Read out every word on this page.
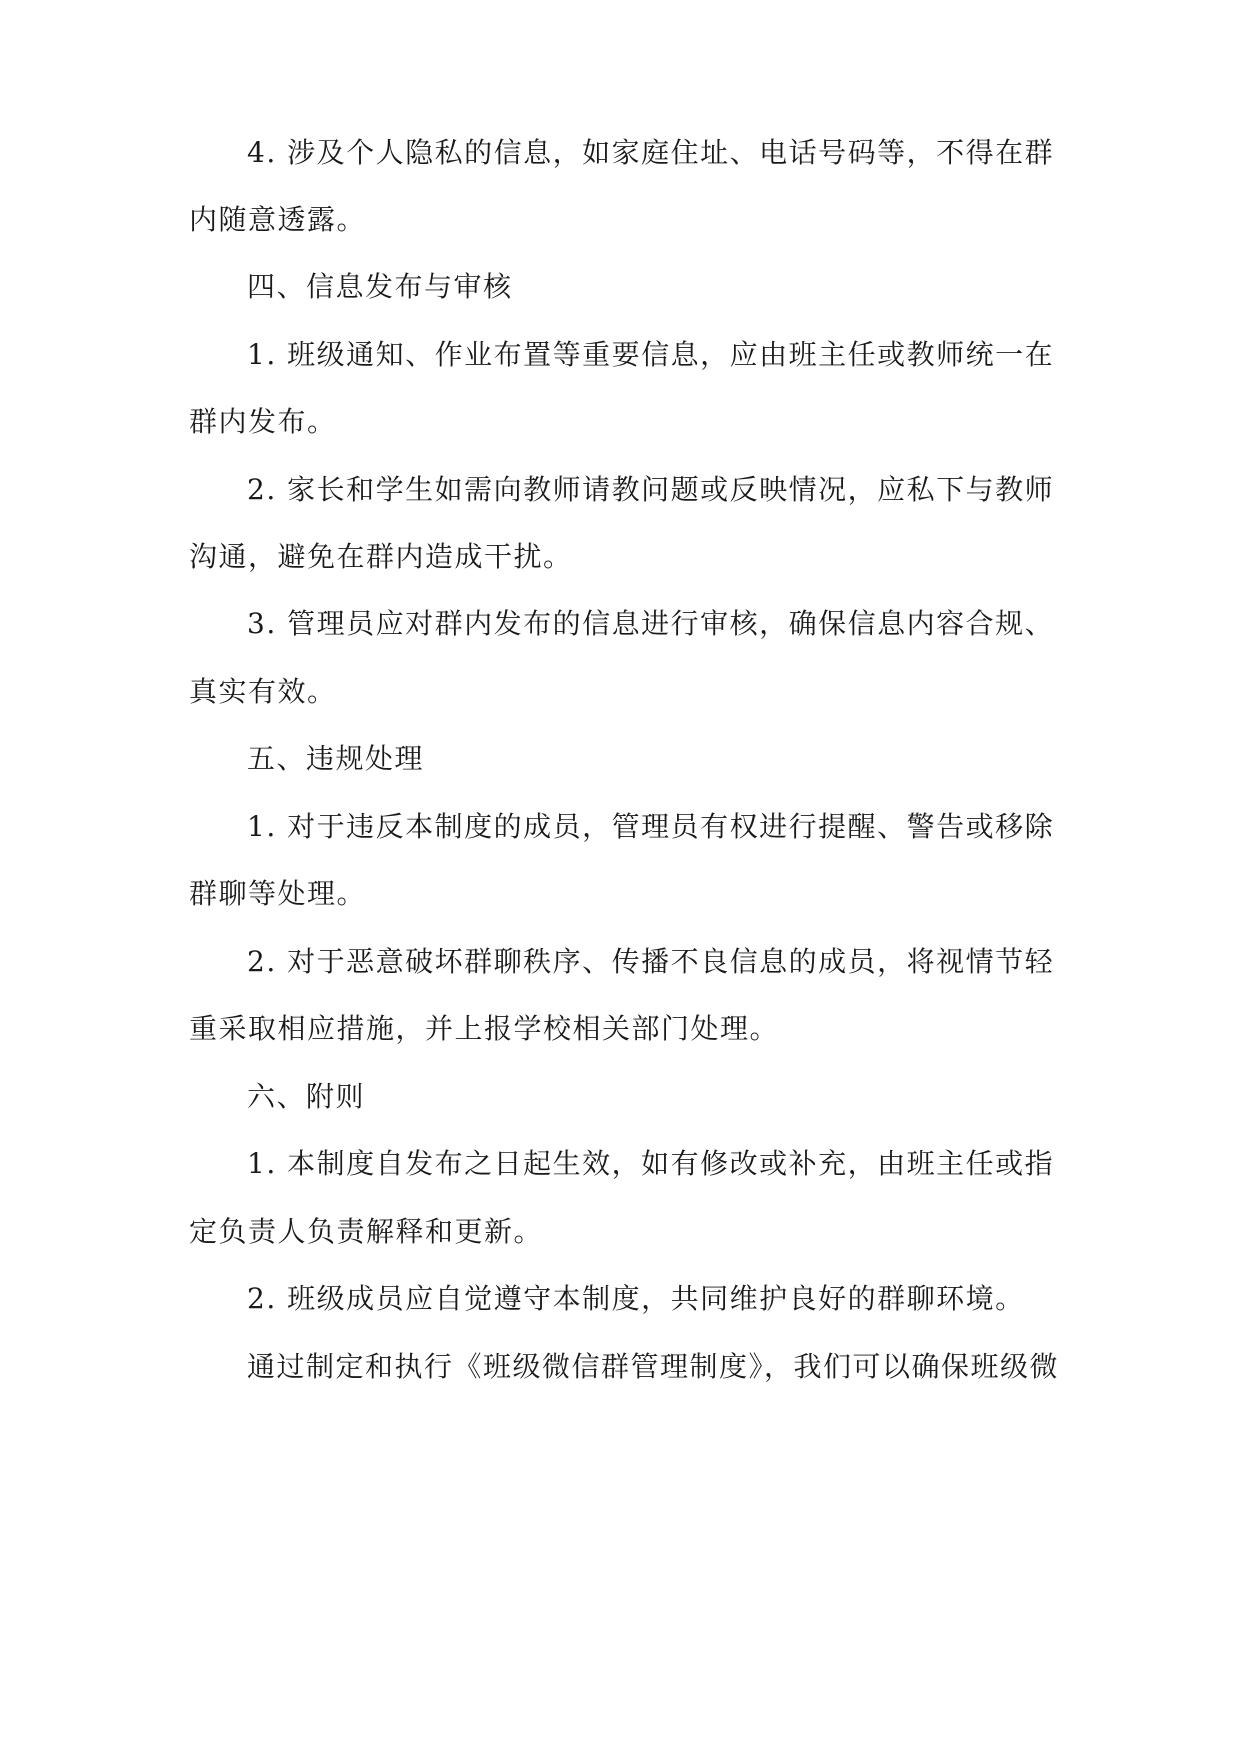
4. 涉及个人隐私的信息，如家庭住址、电话号码等，不得在群
内随意透露。
四、信息发布与审核
1. 班级通知、作业布置等重要信息，应由班主任或教师统一在
群内发布。
2. 家长和学生如需向教师请教问题或反映情况，应私下与教师
沟通，避免在群内造成干扰。
3. 管理员应对群内发布的信息进行审核，确保信息内容合规、
真实有效。
五、违规处理
1. 对于违反本制度的成员，管理员有权进行提醒、警告或移除
群聊等处理。
2. 对于恶意破坏群聊秩序、传播不良信息的成员，将视情节轻
重采取相应措施，并上报学校相关部门处理。
六、附则
1. 本制度自发布之日起生效，如有修改或补充，由班主任或指
定负责人负责解释和更新。
2. 班级成员应自觉遵守本制度，共同维护良好的群聊环境。
通过制定和执行《班级微信群管理制度》，我们可以确保班级微
